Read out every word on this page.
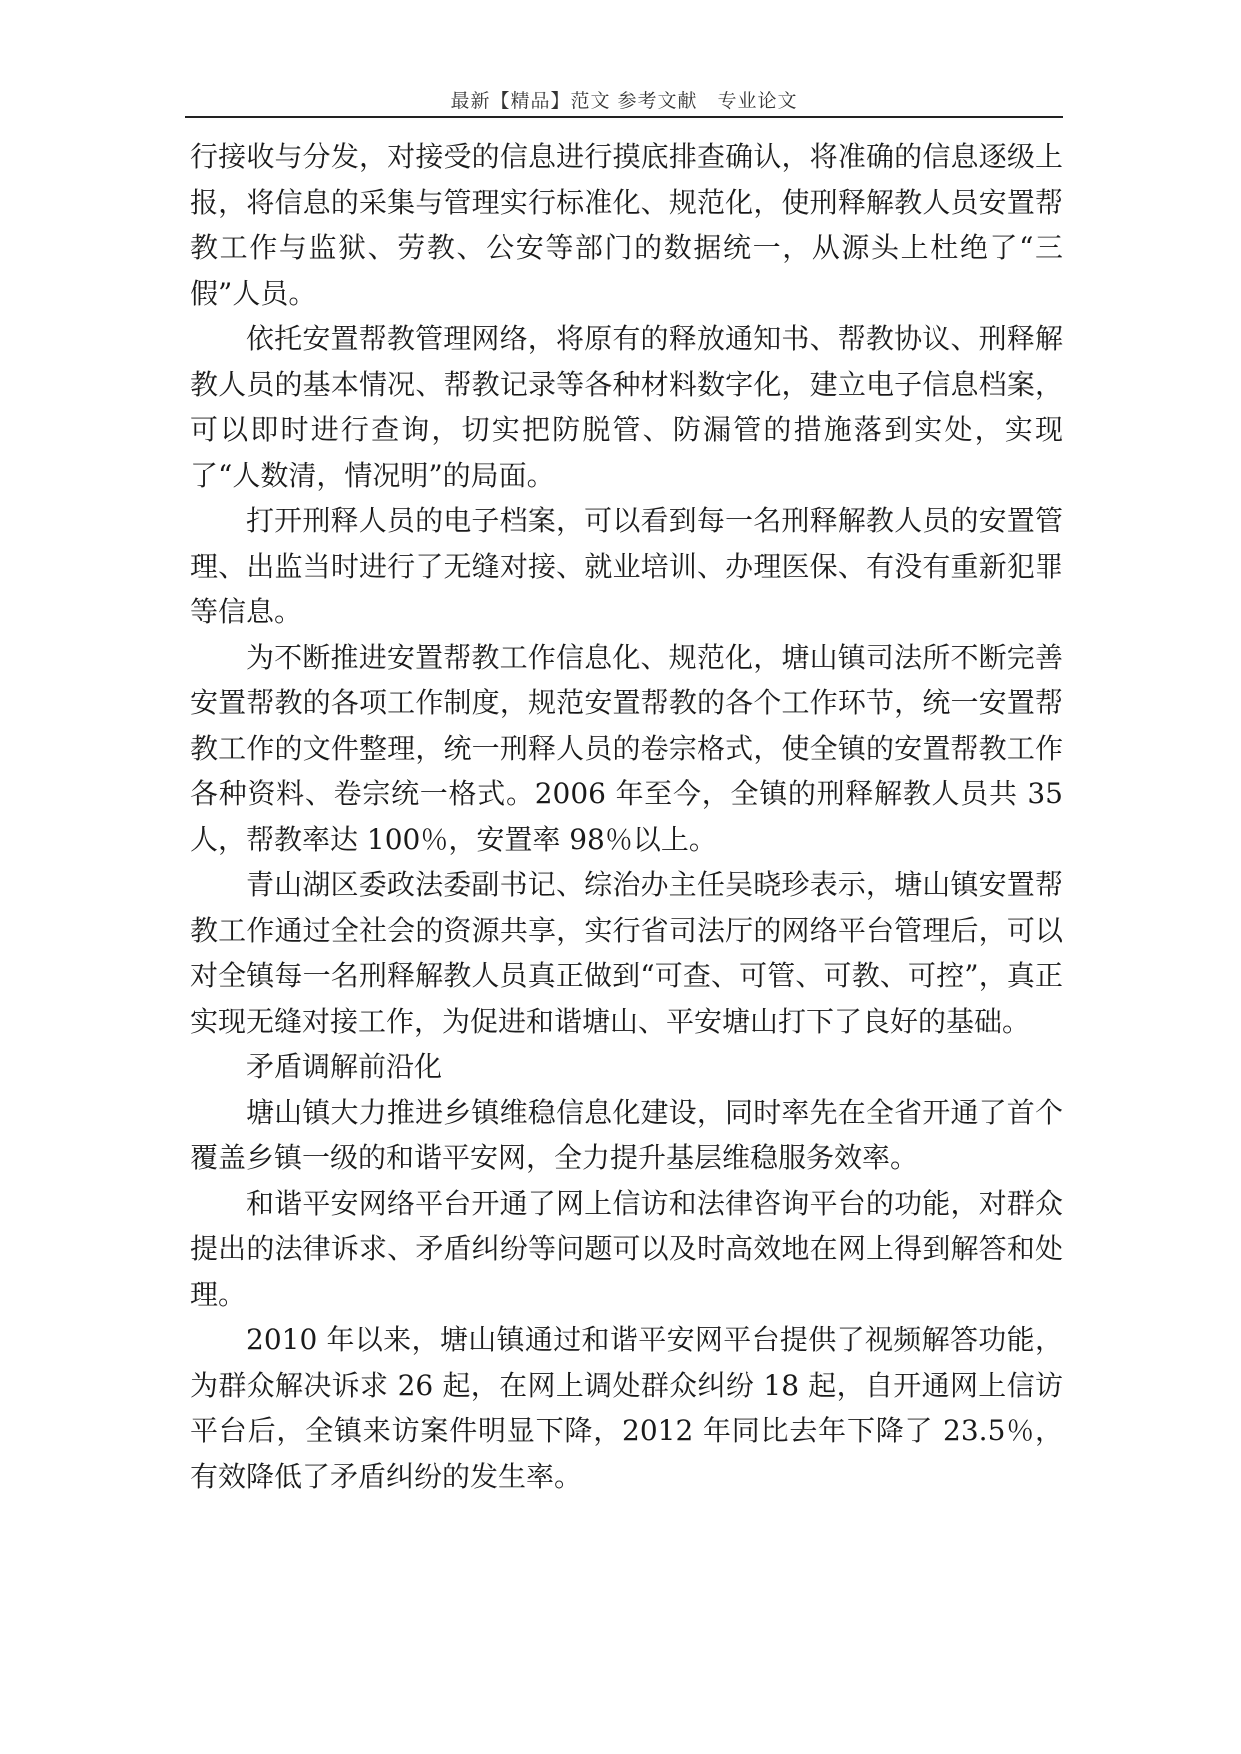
最新【精品】范文 参考文献　专业论文

行接收与分发，对接受的信息进行摸底排查确认，将准确的信息逐级上报，将信息的采集与管理实行标准化、规范化，使刑释解教人员安置帮教工作与监狱、劳教、公安等部门的数据统一，从源头上杜绝了“三假”人员。

依托安置帮教管理网络，将原有的释放通知书、帮教协议、刑释解教人员的基本情况、帮教记录等各种材料数字化，建立电子信息档案，可以即时进行查询，切实把防脱管、防漏管的措施落到实处，实现了“人数清，情况明”的局面。

打开刑释人员的电子档案，可以看到每一名刑释解教人员的安置管理、出监当时进行了无缝对接、就业培训、办理医保、有没有重新犯罪等信息。

为不断推进安置帮教工作信息化、规范化，塘山镇司法所不断完善安置帮教的各项工作制度，规范安置帮教的各个工作环节，统一安置帮教工作的文件整理，统一刑释人员的卷宗格式，使全镇的安置帮教工作各种资料、卷宗统一格式。2006 年至今，全镇的刑释解教人员共 35 人，帮教率达 100％，安置率 98％以上。

青山湖区委政法委副书记、综治办主任吴晓珍表示，塘山镇安置帮教工作通过全社会的资源共享，实行省司法厅的网络平台管理后，可以对全镇每一名刑释解教人员真正做到“可查、可管、可教、可控”，真正实现无缝对接工作，为促进和谐塘山、平安塘山打下了良好的基础。

矛盾调解前沿化

塘山镇大力推进乡镇维稳信息化建设，同时率先在全省开通了首个覆盖乡镇一级的和谐平安网，全力提升基层维稳服务效率。

和谐平安网络平台开通了网上信访和法律咨询平台的功能，对群众提出的法律诉求、矛盾纠纷等问题可以及时高效地在网上得到解答和处理。

2010 年以来，塘山镇通过和谐平安网平台提供了视频解答功能，为群众解决诉求 26 起，在网上调处群众纠纷 18 起，自开通网上信访平台后，全镇来访案件明显下降，2012 年同比去年下降了 23.5％，有效降低了矛盾纠纷的发生率。
